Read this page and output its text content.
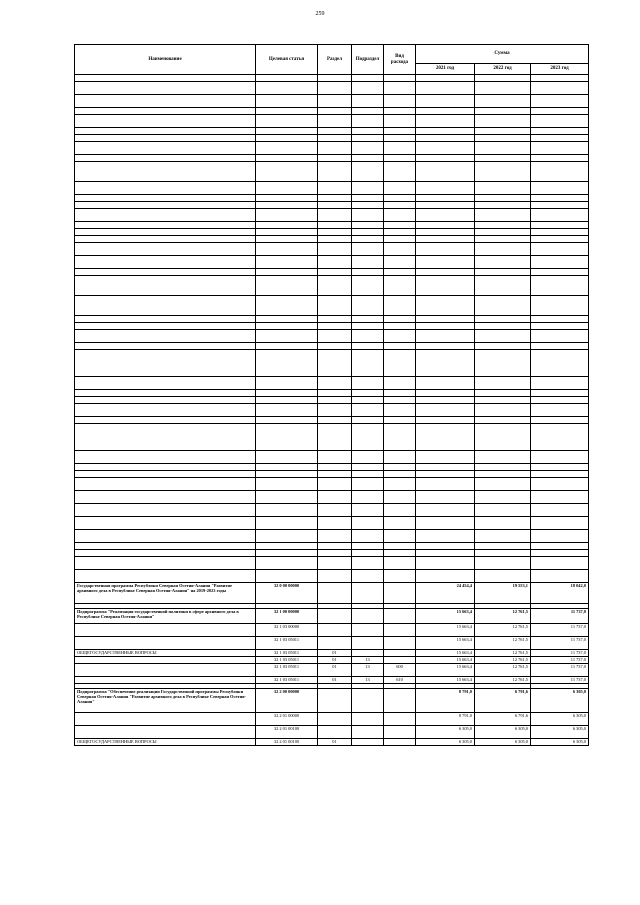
259
Наименование	Целевая статья	Раздел	Подраздел	Вид расхода	Сумма		
					2021 год	2022 год	2023 год

Государственная программа Республики Северная Осетия-Алания "Развитие архивного дела в Республике Северная Осетия-Алания" на 2019-2023 годы	32 0 00 00000				24 454,4	19 553,1	18 042,0

Подпрограмма "Реализация государственной политики в сфере архивного дела в Республике Северная Осетия-Алания"	32 1 00 00000				15 663,4	12 761,5	11 737,0
	32 1 03 00000				15 663,4	12 761,5	11 737,0
	32 1 03 05011				15 663,4	12 761,5	11 737,0
ОБЩЕГОСУДАРСТВЕННЫЕ ВОПРОСЫ	32 1 03 05011	01			15 663,4	12 761,5	11 737,0
	32 1 03 05011	01	13		15 663,4	12 761,5	11 737,0
	32 1 03 05011	01	13	600	15 663,4	12 761,5	11 737,0
	32 1 03 05011	01	13	610	15 663,4	12 761,5	11 737,0

Подпрограмма "Обеспечение реализации Государственной программы Республики Северная Осетия-Алания "Развитие архивного дела в Республике Северная Осетия-Алания"	32 2 00 00000				8 791,0	6 791,6	6 305,0
	32 2 01 00000				8 791,0	6 791,6	6 305,0
	32 2 01 00100				6 305,0	6 305,0	6 305,0
ОБЩЕГОСУДАРСТВЕННЫЕ ВОПРОСЫ	32 2 01 00100	01			6 305,0	6 305,0	6 305,0
